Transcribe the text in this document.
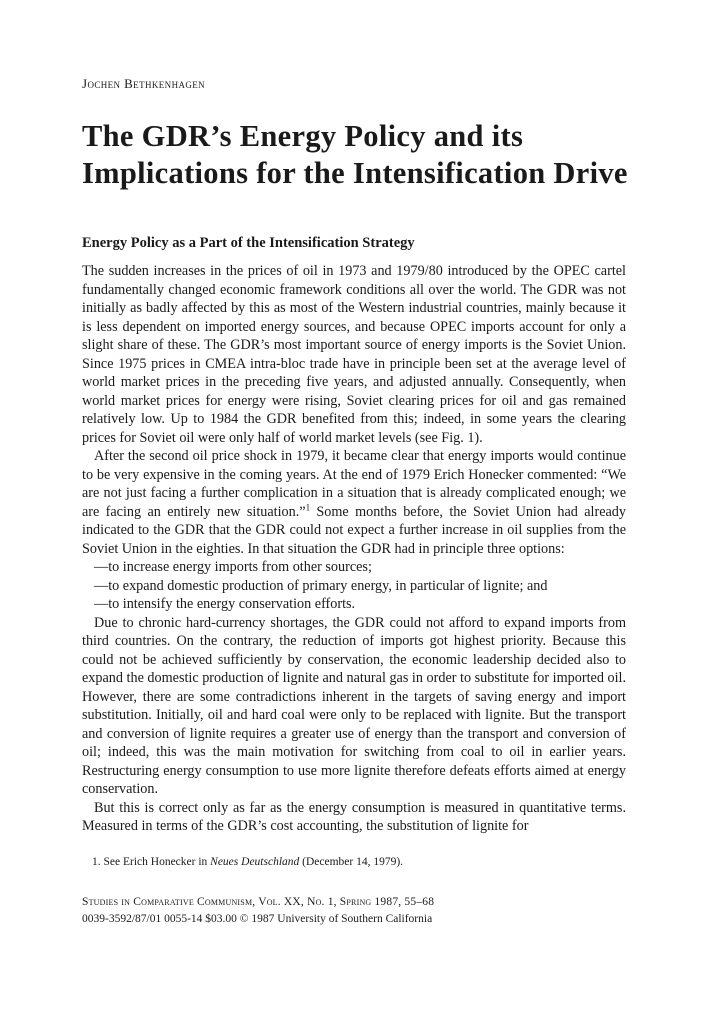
Jochen Bethkenhagen
The GDR’s Energy Policy and its
Implications for the Intensification Drive
Energy Policy as a Part of the Intensification Strategy

The sudden increases in the prices of oil in 1973 and 1979/80 introduced by the OPEC cartel fundamentally changed economic framework conditions all over the world. The GDR was not initially as badly affected by this as most of the Western industrial countries, mainly because it is less dependent on imported energy sources, and because OPEC imports account for only a slight share of these. The GDR’s most important source of energy imports is the Soviet Union. Since 1975 prices in CMEA intra-bloc trade have in principle been set at the average level of world market prices in the preceding five years, and adjusted annually. Consequently, when world market prices for energy were rising, Soviet clearing prices for oil and gas remained relatively low. Up to 1984 the GDR benefited from this; indeed, in some years the clearing prices for Soviet oil were only half of world market levels (see Fig. 1).

After the second oil price shock in 1979, it became clear that energy imports would continue to be very expensive in the coming years. At the end of 1979 Erich Honecker commented: “We are not just facing a further complication in a situation that is already complicated enough; we are facing an entirely new situation.”$^1$ Some months before, the Soviet Union had already indicated to the GDR that the GDR could not expect a further increase in oil supplies from the Soviet Union in the eighties. In that situation the GDR had in principle three options:

—to increase energy imports from other sources;

—to expand domestic production of primary energy, in particular of lignite; and

—to intensify the energy conservation efforts.

Due to chronic hard-currency shortages, the GDR could not afford to expand imports from third countries. On the contrary, the reduction of imports got highest priority. Because this could not be achieved sufficiently by conservation, the economic leadership decided also to expand the domestic production of lignite and natural gas in order to substitute for imported oil. However, there are some contradictions inherent in the targets of saving energy and import substitution. Initially, oil and hard coal were only to be replaced with lignite. But the transport and conversion of lignite requires a greater use of energy than the transport and conversion of oil; indeed, this was the main motivation for switching from coal to oil in earlier years. Restructuring energy consumption to use more lignite therefore defeats efforts aimed at energy conservation.

But this is correct only as far as the energy consumption is measured in quantitative terms. Measured in terms of the GDR’s cost accounting, the substitution of lignite for

1. See Erich Honecker in Neues Deutschland (December 14, 1979).
Studies in Comparative Communism, Vol. XX, No. 1, Spring 1987, 55–68
0039-3592/87/01 0055-14 $03.00 © 1987 University of Southern California
